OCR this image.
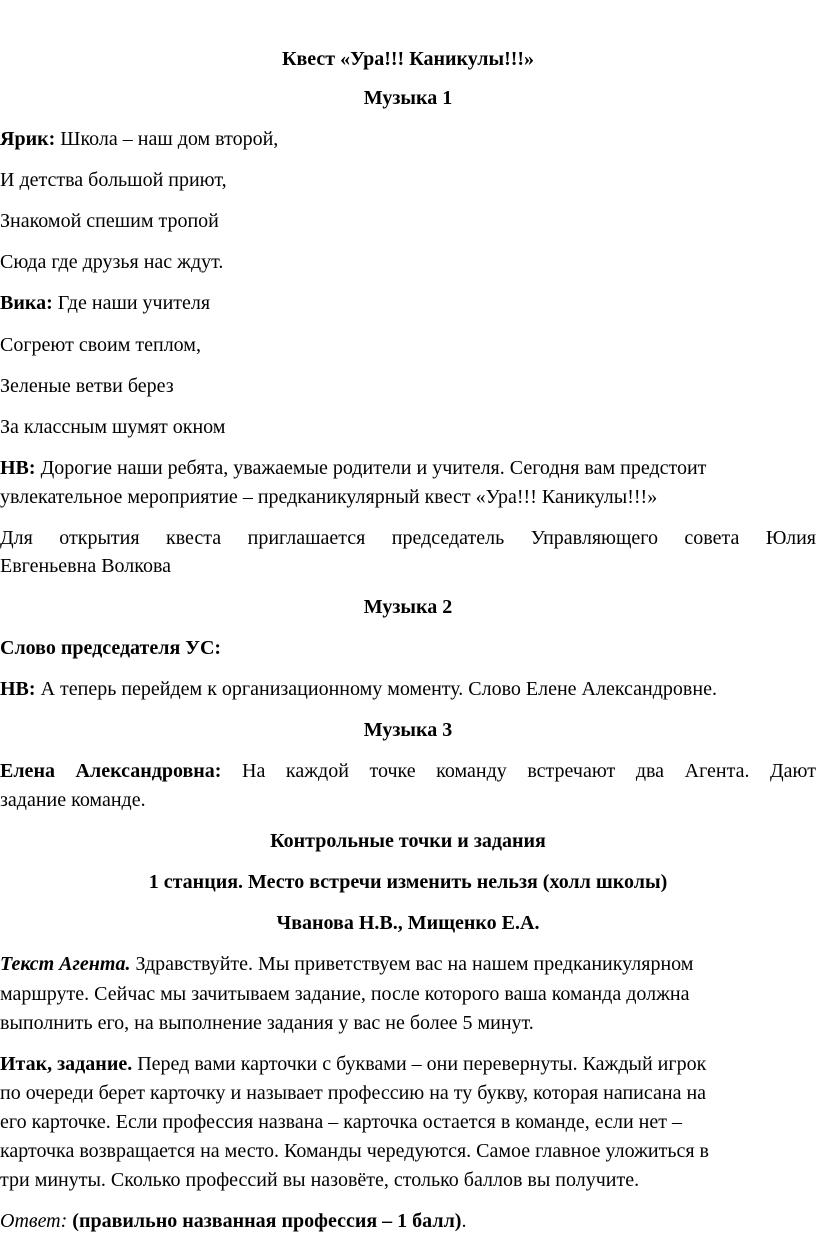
Квест «Ура!!! Каникулы!!!»
Музыка 1
Ярик: Школа – наш дом второй,
И детства большой приют,
Знакомой спешим тропой
Сюда где друзья нас ждут.
Вика: Где наши учителя
Согреют своим теплом,
Зеленые ветви берез
За классным шумят окном
НВ: Дорогие наши ребята, уважаемые родители и учителя. Сегодня вам предстоит
увлекательное мероприятие – предканикулярный квест «Ура!!! Каникулы!!!»
Для открытия квеста приглашается председатель Управляющего совета Юлия
Евгеньевна Волкова
Музыка 2
Слово председателя УС:
НВ: А теперь перейдем к организационному моменту. Слово Елене Александровне.
Музыка 3
Елена Александровна: На каждой точке команду встречают два Агента. Дают
задание команде.
Контрольные точки и задания
1 станция. Место встречи изменить нельзя (холл школы)
Чванова Н.В., Мищенко Е.А.
Текст Агента. Здравствуйте. Мы приветствуем вас на нашем предканикулярном
маршруте. Сейчас мы зачитываем задание, после которого ваша команда должна
выполнить его, на выполнение задания у вас не более 5 минут.
Итак, задание. Перед вами карточки с буквами – они перевернуты. Каждый игрок
по очереди берет карточку и называет профессию на ту букву, которая написана на
его карточке. Если профессия названа – карточка остается в команде, если нет –
карточка возвращается на место. Команды чередуются. Самое главное уложиться в
три минуты. Сколько профессий вы назовёте, столько баллов вы получите.
Ответ: (правильно названная профессия – 1 балл).
